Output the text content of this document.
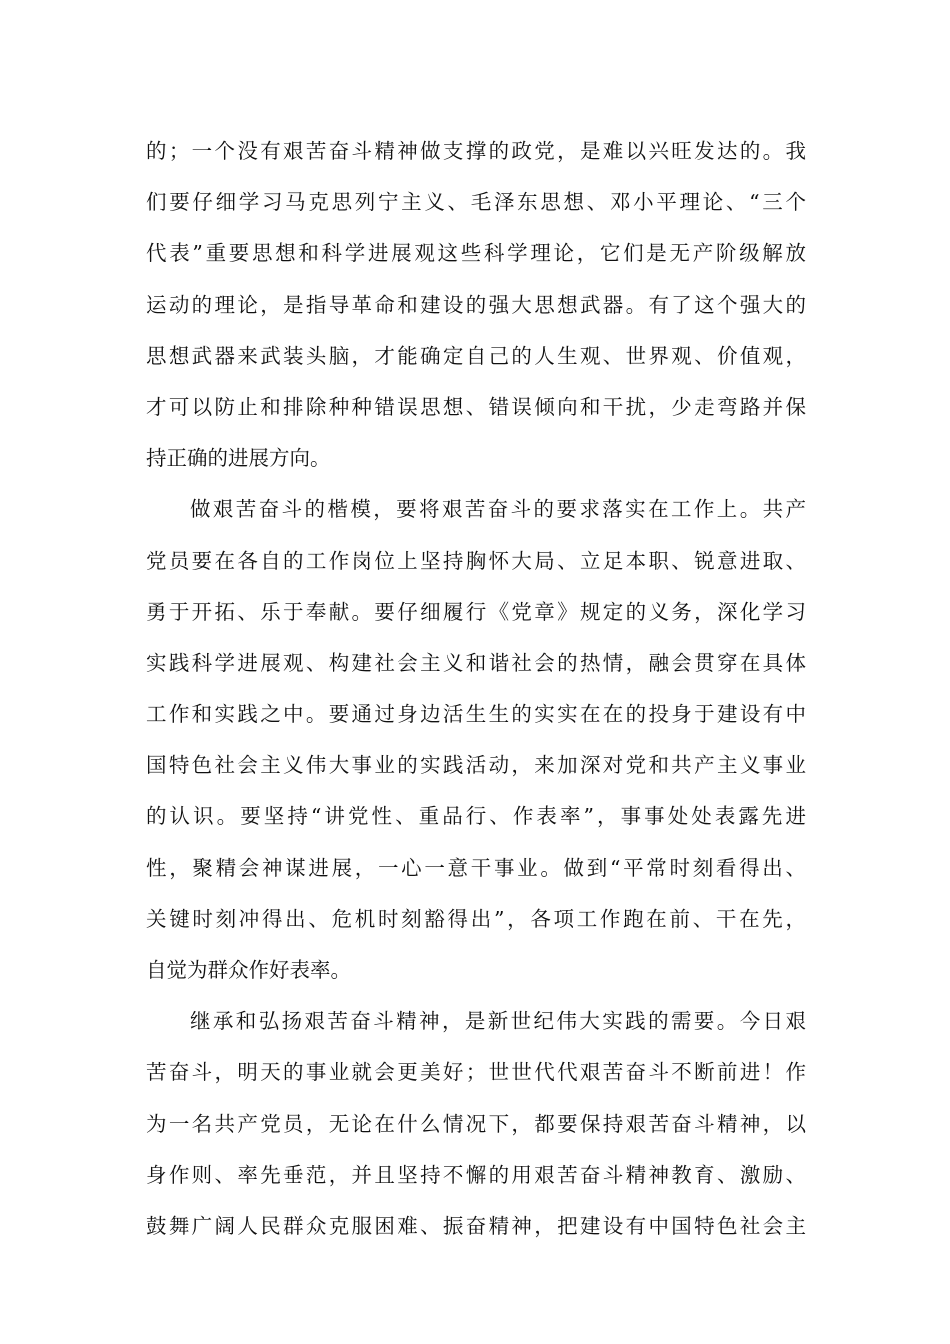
的；一个没有艰苦奋斗精神做支撑的政党，是难以兴旺发达的。我
们要仔细学习马克思列宁主义、毛泽东思想、邓小平理论、“三个
代表”重要思想和科学进展观这些科学理论，它们是无产阶级解放
运动的理论，是指导革命和建设的强大思想武器。有了这个强大的
思想武器来武装头脑，才能确定自己的人生观、世界观、价值观，
才可以防止和排除种种错误思想、错误倾向和干扰，少走弯路并保
持正确的进展方向。
做艰苦奋斗的楷模，要将艰苦奋斗的要求落实在工作上。共产
党员要在各自的工作岗位上坚持胸怀大局、立足本职、锐意进取、
勇于开拓、乐于奉献。要仔细履行《党章》规定的义务，深化学习
实践科学进展观、构建社会主义和谐社会的热情，融会贯穿在具体
工作和实践之中。要通过身边活生生的实实在在的投身于建设有中
国特色社会主义伟大事业的实践活动，来加深对党和共产主义事业
的认识。要坚持“讲党性、重品行、作表率”，事事处处表露先进
性，聚精会神谋进展，一心一意干事业。做到“平常时刻看得出、
关键时刻冲得出、危机时刻豁得出”，各项工作跑在前、干在先，
自觉为群众作好表率。
继承和弘扬艰苦奋斗精神，是新世纪伟大实践的需要。今日艰
苦奋斗，明天的事业就会更美好；世世代代艰苦奋斗不断前进！作
为一名共产党员，无论在什么情况下，都要保持艰苦奋斗精神，以
身作则、率先垂范，并且坚持不懈的用艰苦奋斗精神教育、激励、
鼓舞广阔人民群众克服困难、振奋精神，把建设有中国特色社会主
